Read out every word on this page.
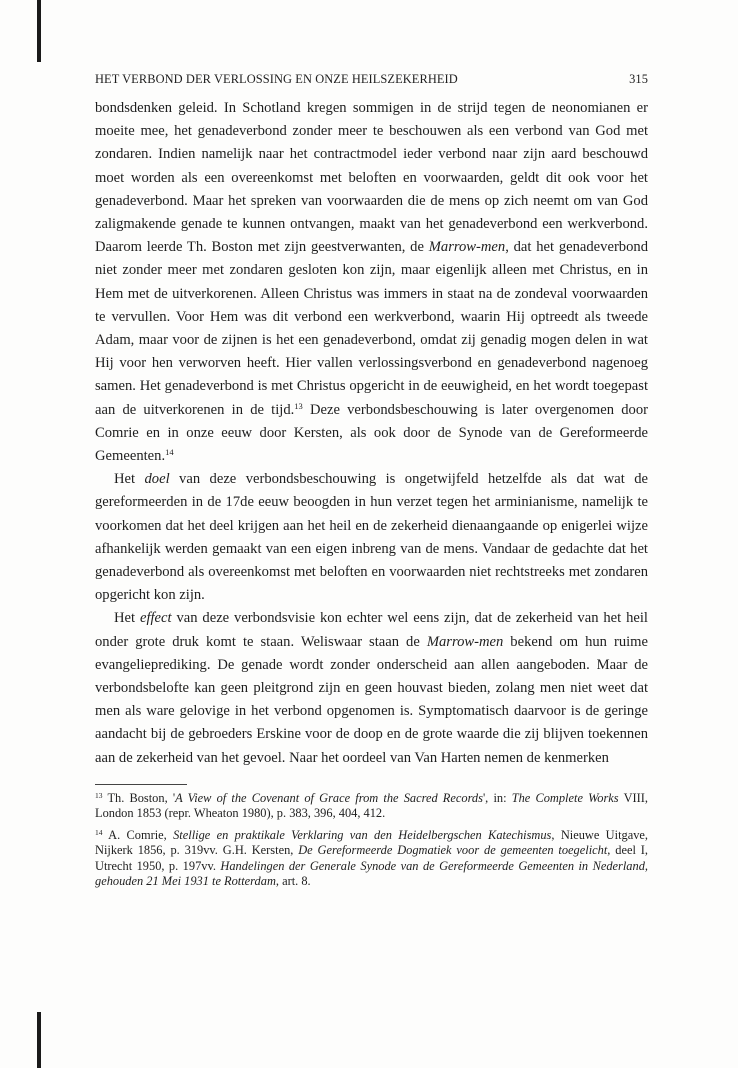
HET VERBOND DER VERLOSSING EN ONZE HEILSZEKERHEID	315

bondsdenken geleid. In Schotland kregen sommigen in de strijd tegen de neonomianen er moeite mee, het genadeverbond zonder meer te beschouwen als een verbond van God met zondaren. Indien namelijk naar het contractmodel ieder verbond naar zijn aard beschouwd moet worden als een overeenkomst met beloften en voorwaarden, geldt dit ook voor het genadeverbond. Maar het spreken van voorwaarden die de mens op zich neemt om van God zaligmakende genade te kunnen ontvangen, maakt van het genadeverbond een werkverbond. Daarom leerde Th. Boston met zijn geestverwanten, de Marrow-men, dat het genadeverbond niet zonder meer met zondaren gesloten kon zijn, maar eigenlijk alleen met Christus, en in Hem met de uitverkorenen. Alleen Christus was immers in staat na de zondeval voorwaarden te vervullen. Voor Hem was dit verbond een werkverbond, waarin Hij optreedt als tweede Adam, maar voor de zijnen is het een genadeverbond, omdat zij genadig mogen delen in wat Hij voor hen verworven heeft. Hier vallen verlossingsverbond en genadeverbond nagenoeg samen. Het genadeverbond is met Christus opgericht in de eeuwigheid, en het wordt toegepast aan de uitverkorenen in de tijd.$^{13}$ Deze verbondsbeschouwing is later overgenomen door Comrie en in onze eeuw door Kersten, als ook door de Synode van de Gereformeerde Gemeenten.$^{14}$

Het doel van deze verbondsbeschouwing is ongetwijfeld hetzelfde als dat wat de gereformeerden in de 17de eeuw beoogden in hun verzet tegen het arminianisme, namelijk te voorkomen dat het deel krijgen aan het heil en de zekerheid dienaangaande op enigerlei wijze afhankelijk werden gemaakt van een eigen inbreng van de mens. Vandaar de gedachte dat het genadeverbond als overeenkomst met beloften en voorwaarden niet rechtstreeks met zondaren opgericht kon zijn.

Het effect van deze verbondsvisie kon echter wel eens zijn, dat de zekerheid van het heil onder grote druk komt te staan. Weliswaar staan de Marrow-men bekend om hun ruime evangelieprediking. De genade wordt zonder onderscheid aan allen aangeboden. Maar de verbondsbelofte kan geen pleitgrond zijn en geen houvast bieden, zolang men niet weet dat men als ware gelovige in het verbond opgenomen is. Symptomatisch daarvoor is de geringe aandacht bij de gebroeders Erskine voor de doop en de grote waarde die zij blijven toekennen aan de zekerheid van het gevoel. Naar het oordeel van Van Harten nemen de kenmerken

$^{13}$ Th. Boston, 'A View of the Covenant of Grace from the Sacred Records', in: The Complete Works VIII, London 1853 (repr. Wheaton 1980), p. 383, 396, 404, 412.

$^{14}$ A. Comrie, Stellige en praktikale Verklaring van den Heidelbergschen Katechismus, Nieuwe Uitgave, Nijkerk 1856, p. 319vv. G.H. Kersten, De Gereformeerde Dogmatiek voor de gemeenten toegelicht, deel I, Utrecht 1950, p. 197vv. Handelingen der Generale Synode van de Gereformeerde Gemeenten in Nederland, gehouden 21 Mei 1931 te Rotterdam, art. 8.
